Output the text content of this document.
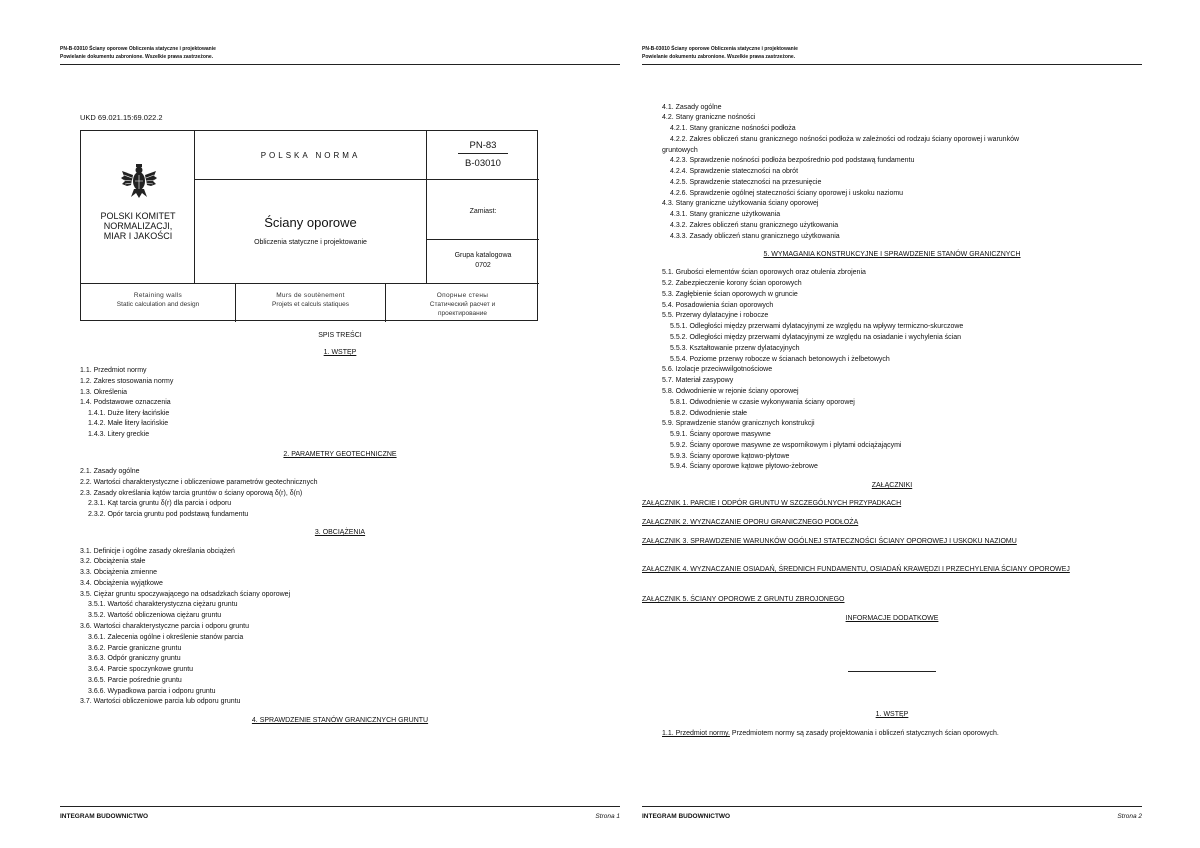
PN-B-03010 Ściany oporowe Obliczenia statyczne i projektowanie
Powielanie dokumentu zabronione. Wszelkie prawa zastrzeżone.
UKD 69.021.15:69.022.2
POLSKI KOMITET
NORMALIZACJI,
MIAR I JAKOŚCI
POLSKA NORMA
Ściany oporowe
Obliczenia statyczne i projektowanie
PN-83
B-03010
Zamiast:
Grupa katalogowa
0702
Retaining walls
Static calculation and design
Murs de soutènement
Projets et calculs statiques
Опорные стены
Статический расчет и
проектирование
SPIS TREŚCI
1. WSTĘP
1.1. Przedmiot normy
1.2. Zakres stosowania normy
1.3. Określenia
1.4. Podstawowe oznaczenia
1.4.1. Duże litery łacińskie
1.4.2. Małe litery łacińskie
1.4.3. Litery greckie
2. PARAMETRY GEOTECHNICZNE
2.1. Zasady ogólne
2.2. Wartości charakterystyczne i obliczeniowe parametrów geotechnicznych
2.3. Zasady określania kątów tarcia gruntów o ściany oporową δ(r), δ(n)
2.3.1. Kąt tarcia gruntu δ(r) dla parcia i odporu
2.3.2. Opór tarcia gruntu pod podstawą fundamentu
3. OBCIĄŻENIA
3.1. Definicje i ogólne zasady określania obciążeń
3.2. Obciążenia stałe
3.3. Obciążenia zmienne
3.4. Obciążenia wyjątkowe
3.5. Ciężar gruntu spoczywającego na odsadzkach ściany oporowej
3.5.1. Wartość charakterystyczna ciężaru gruntu
3.5.2. Wartość obliczeniowa ciężaru gruntu
3.6. Wartości charakterystyczne parcia i odporu gruntu
3.6.1. Zalecenia ogólne i określenie stanów parcia
3.6.2. Parcie graniczne gruntu
3.6.3. Odpór graniczny gruntu
3.6.4. Parcie spoczynkowe gruntu
3.6.5. Parcie pośrednie gruntu
3.6.6. Wypadkowa parcia i odporu gruntu
3.7. Wartości obliczeniowe parcia lub odporu gruntu
4. SPRAWDZENIE STANÓW GRANICZNYCH GRUNTU
INTEGRAM BUDOWNICTWO	Strona 1
PN-B-03010 Ściany oporowe Obliczenia statyczne i projektowanie
Powielanie dokumentu zabronione. Wszelkie prawa zastrzeżone.
4.1. Zasady ogólne
4.2. Stany graniczne nośności
4.2.1. Stany graniczne nośności podłoża
4.2.2. Zakres obliczeń stanu granicznego nośności podłoża w zależności od rodzaju ściany oporowej i warunków
gruntowych
4.2.3. Sprawdzenie nośności podłoża bezpośrednio pod podstawą fundamentu
4.2.4. Sprawdzenie stateczności na obrót
4.2.5. Sprawdzenie stateczności na przesunięcie
4.2.6. Sprawdzenie ogólnej stateczności ściany oporowej i uskoku naziomu
4.3. Stany graniczne użytkowania ściany oporowej
4.3.1. Stany graniczne użytkowania
4.3.2. Zakres obliczeń stanu granicznego użytkowania
4.3.3. Zasady obliczeń stanu granicznego użytkowania
5. WYMAGANIA KONSTRUKCYJNE I SPRAWDZENIE STANÓW GRANICZNYCH
5.1. Grubości elementów ścian oporowych oraz otulenia zbrojenia
5.2. Zabezpieczenie korony ścian oporowych
5.3. Zagłębienie ścian oporowych w gruncie
5.4. Posadowienia ścian oporowych
5.5. Przerwy dylatacyjne i robocze
5.5.1. Odległości między przerwami dylatacyjnymi ze względu na wpływy termiczno-skurczowe
5.5.2. Odległości między przerwami dylatacyjnymi ze względu na osiadanie i wychylenia ścian
5.5.3. Kształtowanie przerw dylatacyjnych
5.5.4. Poziome przerwy robocze w ścianach betonowych i żelbetowych
5.6. Izolacje przeciwwilgotnościowe
5.7. Materiał zasypowy
5.8. Odwodnienie w rejonie ściany oporowej
5.8.1. Odwodnienie w czasie wykonywania ściany oporowej
5.8.2. Odwodnienie stałe
5.9. Sprawdzenie stanów granicznych konstrukcji
5.9.1. Ściany oporowe masywne
5.9.2. Ściany oporowe masywne ze wspornikowym i płytami odciążającymi
5.9.3. Ściany oporowe kątowo-płytowe
5.9.4. Ściany oporowe kątowe płytowo-żebrowe
ZAŁĄCZNIKI
ZAŁĄCZNIK 1. PARCIE I ODPÓR GRUNTU W SZCZEGÓLNYCH PRZYPADKACH
ZAŁĄCZNIK 2. WYZNACZANIE OPORU GRANICZNEGO PODŁOŻA
ZAŁĄCZNIK 3. SPRAWDZENIE WARUNKÓW OGÓLNEJ STATECZNOŚCI ŚCIANY OPOROWEJ I USKOKU NAZIOMU
ZAŁĄCZNIK 4. WYZNACZANIE OSIADAŃ, ŚREDNICH FUNDAMENTU, OSIADAŃ KRAWĘDZI I PRZECHYLENIA ŚCIANY OPOROWEJ
ZAŁĄCZNIK 5. ŚCIANY OPOROWE Z GRUNTU ZBROJONEGO
INFORMACJE DODATKOWE
1. WSTĘP
1.1. Przedmiot normy. Przedmiotem normy są zasady projektowania i obliczeń statycznych ścian oporowych.
INTEGRAM BUDOWNICTWO	Strona 2
